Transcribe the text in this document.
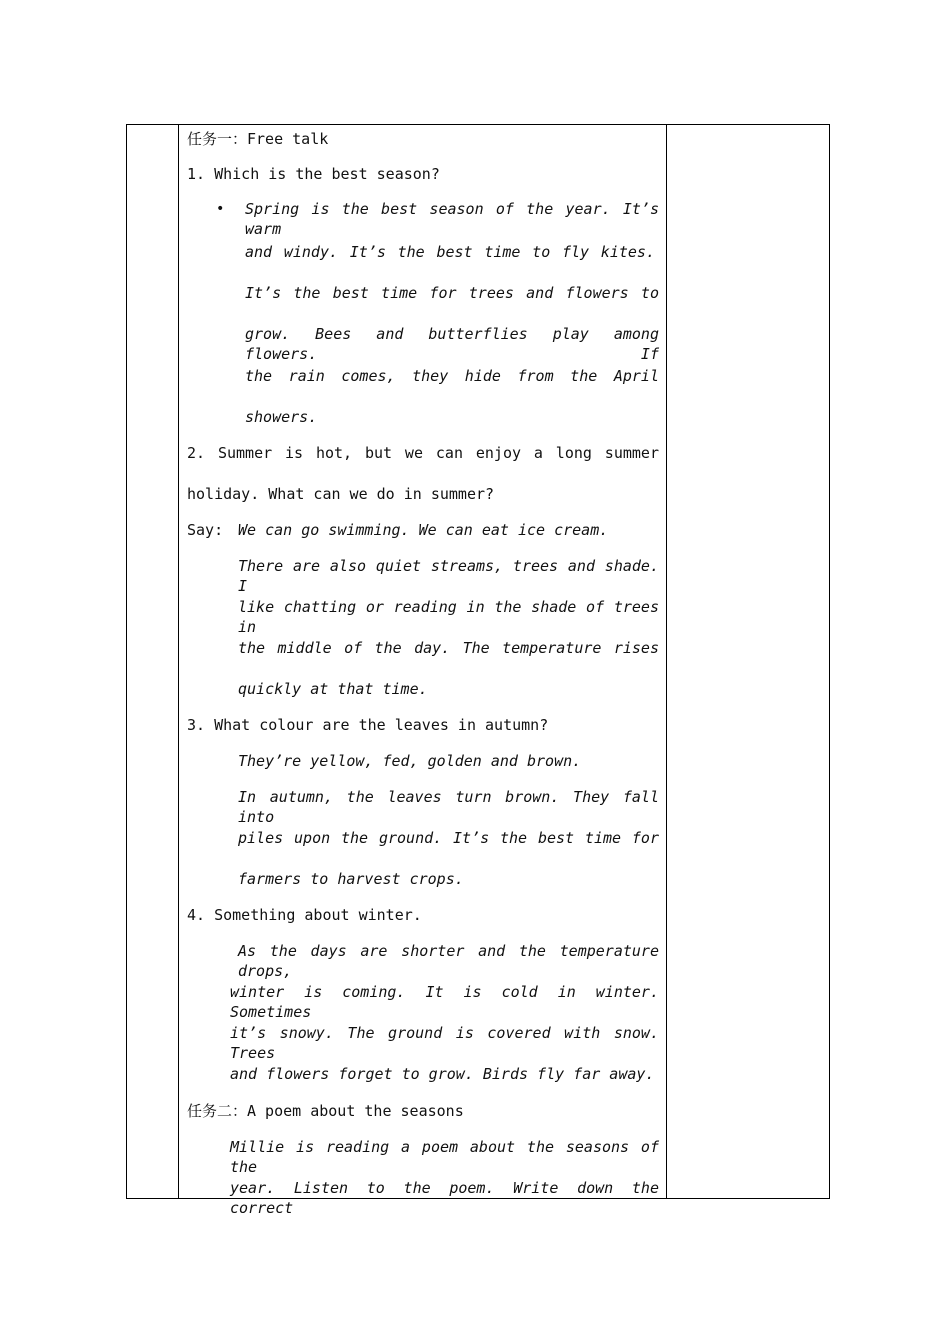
任务一：Free talk
1. Which is the best season?
• Spring is the best season of the year. It’s warm
and windy. It’s the best time to fly kites.
It’s the best time for trees and flowers to
grow. Bees and butterflies play among flowers. If
the rain comes, they hide from the April
showers.
2. Summer is hot, but we can enjoy a long summer
holiday. What can we do in summer?
Say: We can go swimming. We can eat ice cream.
There are also quiet streams, trees and shade. I
like chatting or reading in the shade of trees in
the middle of the day. The temperature rises
quickly at that time.
3. What colour are the leaves in autumn?
They’re yellow, fed, golden and brown.
In autumn, the leaves turn brown. They fall into
piles upon the ground. It’s the best time for
farmers to harvest crops.
4. Something about winter.
As the days are shorter and the temperature drops,
winter is coming. It is cold in winter. Sometimes
it’s snowy. The ground is covered with snow. Trees
and flowers forget to grow. Birds fly far away.
任务二：A poem about the seasons
Millie is reading a poem about the seasons of the
year. Listen to the poem. Write down the correct
